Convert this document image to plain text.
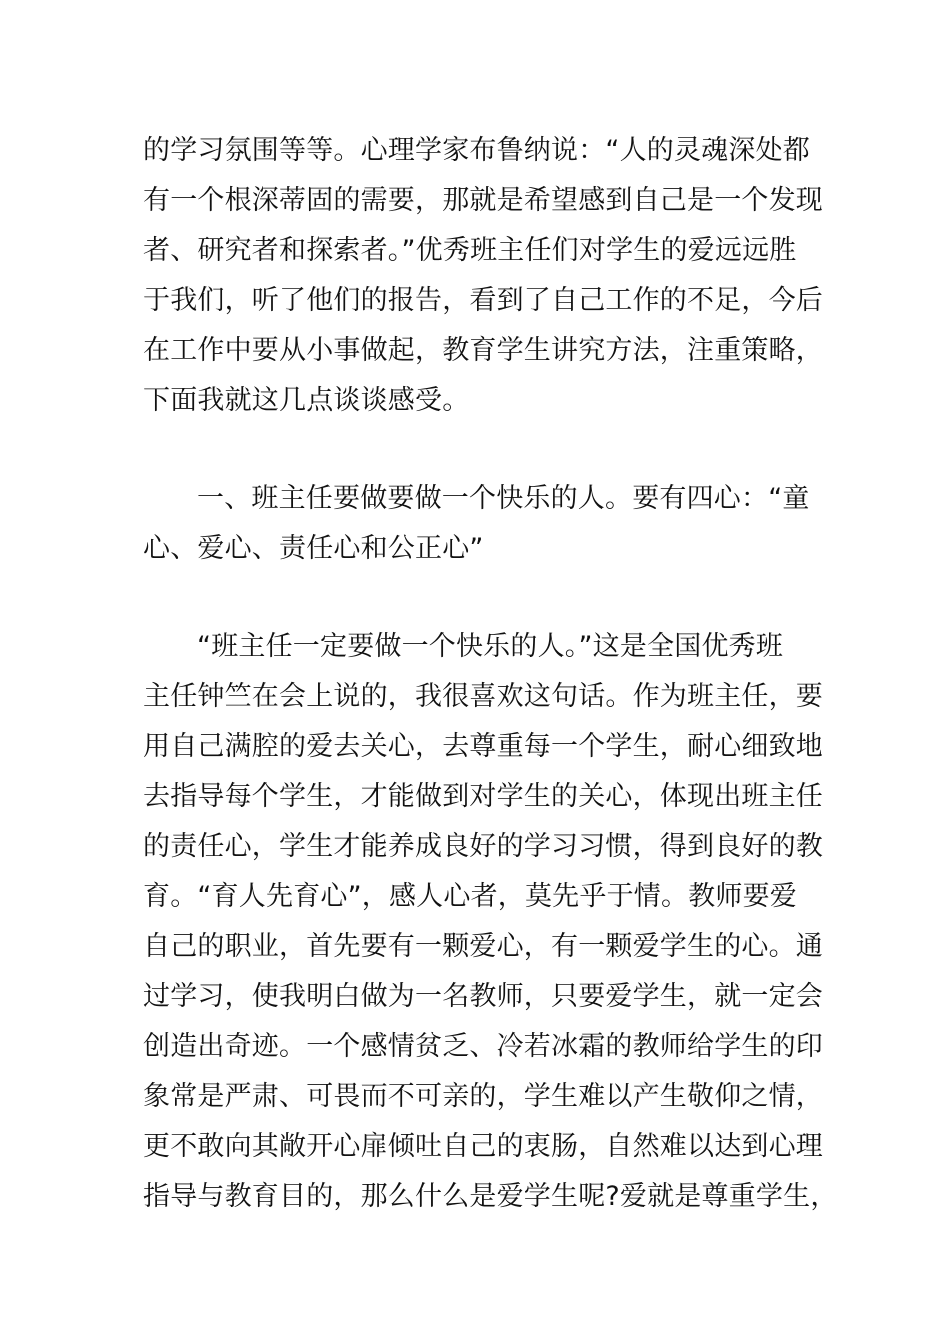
的学习氛围等等。心理学家布鲁纳说：“人的灵魂深处都
有一个根深蒂固的需要，那就是希望感到自己是一个发现
者、研究者和探索者。”优秀班主任们对学生的爱远远胜
于我们，听了他们的报告，看到了自己工作的不足，今后
在工作中要从小事做起，教育学生讲究方法，注重策略，
下面我就这几点谈谈感受。
一、班主任要做要做一个快乐的人。要有四心：“童
心、爱心、责任心和公正心”
“班主任一定要做一个快乐的人。”这是全国优秀班
主任钟竺在会上说的，我很喜欢这句话。作为班主任，要
用自己满腔的爱去关心，去尊重每一个学生，耐心细致地
去指导每个学生，才能做到对学生的关心，体现出班主任
的责任心，学生才能养成良好的学习习惯，得到良好的教
育。“育人先育心”，感人心者，莫先乎于情。教师要爱
自己的职业，首先要有一颗爱心，有一颗爱学生的心。通
过学习，使我明白做为一名教师，只要爱学生，就一定会
创造出奇迹。一个感情贫乏、冷若冰霜的教师给学生的印
象常是严肃、可畏而不可亲的，学生难以产生敬仰之情，
更不敢向其敞开心扉倾吐自己的衷肠，自然难以达到心理
指导与教育目的，那么什么是爱学生呢?爱就是尊重学生，
